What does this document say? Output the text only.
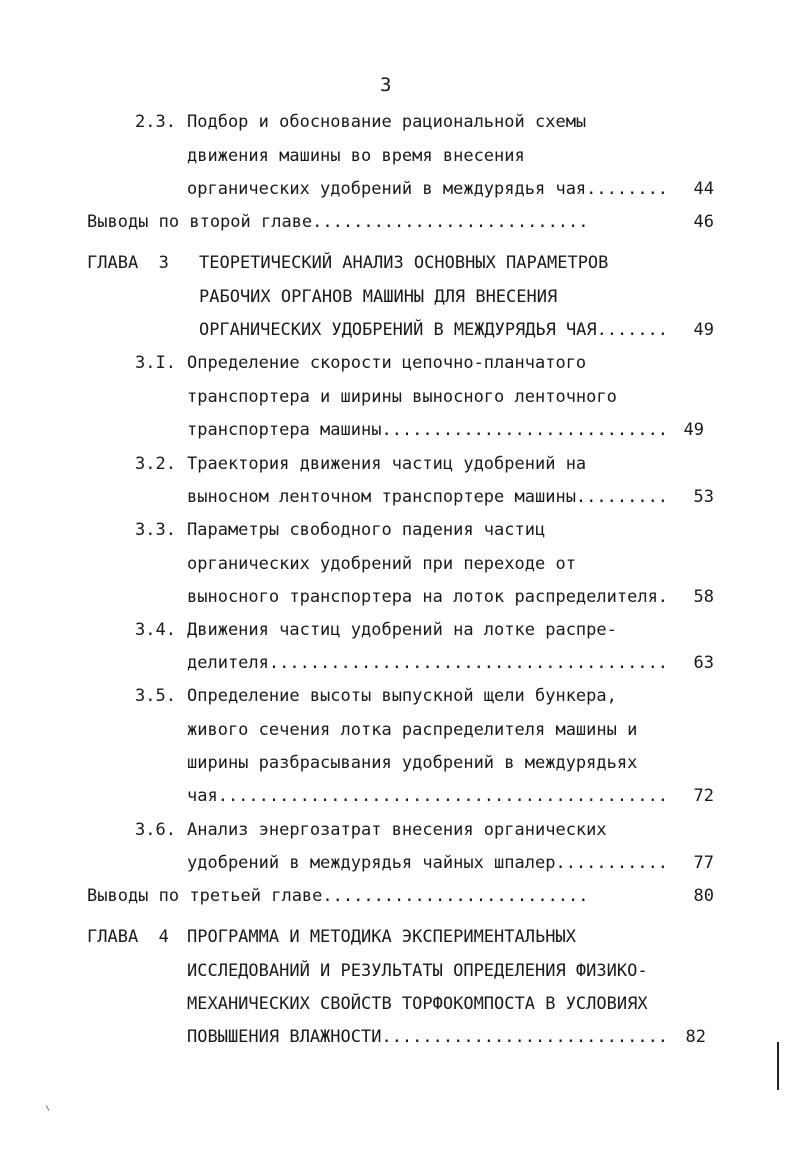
3
2.3. Подбор и обоснование рациональной схемы
движения машины во время внесения
органических удобрений в междурядья чая........	44
Выводы по второй главе...........................	46
ГЛАВА  3 ТЕОРЕТИЧЕСКИЙ АНАЛИЗ ОСНОВНЫХ ПАРАМЕТРОВ
РАБОЧИХ ОРГАНОВ МАШИНЫ ДЛЯ ВНЕСЕНИЯ
ОРГАНИЧЕСКИХ УДОБРЕНИЙ В МЕЖДУРЯДЬЯ ЧАЯ.......	49
3.I. Определение скорости цепочно-планчатого
транспортера и ширины выносного ленточного
транспортера машины............................ 49
3.2. Траектория движения частиц удобрений на
выносном ленточном транспортере машины.........	53
3.3. Параметры свободного падения частиц
органических удобрений при переходе от
выносного транспортера на лоток распределителя.	58
3.4. Движения частиц удобрений на лотке распре-
делителя.......................................	63
3.5. Определение высоты выпускной щели бункера,
живого сечения лотка распределителя машины и
ширины разбрасывания удобрений в междурядьях
чая............................................	72
3.6. Анализ энергозатрат внесения органических
удобрений в междурядья чайных шпалер...........	77
Выводы по третьей главе..........................	80
ГЛАВА  4 ПРОГРАММА И МЕТОДИКА ЭКСПЕРИМЕНТАЛЬНЫХ
ИССЛЕДОВАНИЙ И РЕЗУЛЬТАТЫ ОПРЕДЕЛЕНИЯ ФИЗИКО-
МЕХАНИЧЕСКИХ СВОЙСТВ ТОРФОКОМПОСТА В УСЛОВИЯХ
ПОВЫШЕНИЯ ВЛАЖНОСТИ............................	82
